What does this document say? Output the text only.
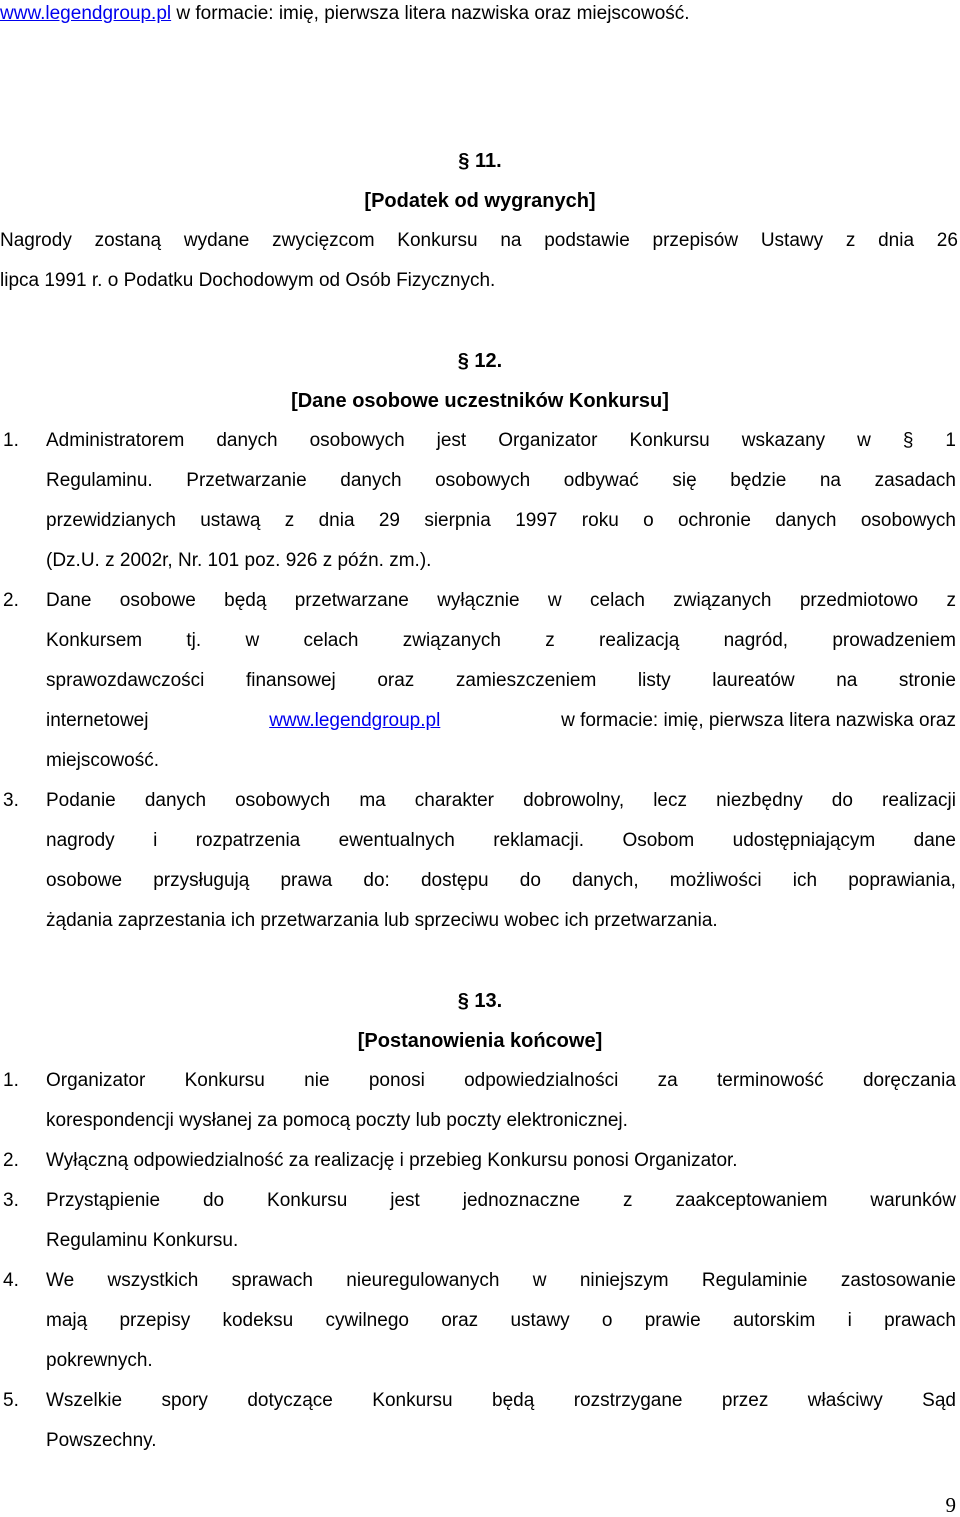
www.legendgroup.pl w formacie: imię, pierwsza litera nazwiska oraz miejscowość.
§ 11.
[Podatek od wygranych]
Nagrody zostaną wydane zwycięzcom Konkursu na podstawie przepisów Ustawy z dnia 26
lipca 1991 r. o Podatku Dochodowym od Osób Fizycznych.
§ 12.
[Dane osobowe uczestników Konkursu]
1. Administratorem danych osobowych jest Organizator Konkursu wskazany w § 1
Regulaminu. Przetwarzanie danych osobowych odbywać się będzie na zasadach
przewidzianych ustawą z dnia 29 sierpnia 1997 roku o ochronie danych osobowych
(Dz.U. z 2002r, Nr. 101 poz. 926 z późn. zm.).
2. Dane osobowe będą przetwarzane wyłącznie w celach związanych przedmiotowo z
Konkursem tj. w celach związanych z realizacją nagród, prowadzeniem
sprawozdawczości finansowej oraz zamieszczeniem listy laureatów na stronie
internetowej	www.legendgroup.pl	w formacie: imię, pierwsza litera nazwiska oraz
miejscowość.
3. Podanie danych osobowych ma charakter dobrowolny, lecz niezbędny do realizacji
nagrody i rozpatrzenia ewentualnych reklamacji. Osobom udostępniającym dane
osobowe przysługują prawa do: dostępu do danych, możliwości ich poprawiania,
żądania zaprzestania ich przetwarzania lub sprzeciwu wobec ich przetwarzania.
§ 13.
[Postanowienia końcowe]
1. Organizator Konkursu nie ponosi odpowiedzialności za terminowość doręczania
korespondencji wysłanej za pomocą poczty lub poczty elektronicznej.
2. Wyłączną odpowiedzialność za realizację i przebieg Konkursu ponosi Organizator.
3. Przystąpienie do Konkursu jest jednoznaczne z zaakceptowaniem warunków
Regulaminu Konkursu.
4. We wszystkich sprawach nieuregulowanych w niniejszym Regulaminie zastosowanie
mają przepisy kodeksu cywilnego oraz ustawy o prawie autorskim i prawach
pokrewnych.
5. Wszelkie spory dotyczące Konkursu będą rozstrzygane przez właściwy Sąd
Powszechny.
9
